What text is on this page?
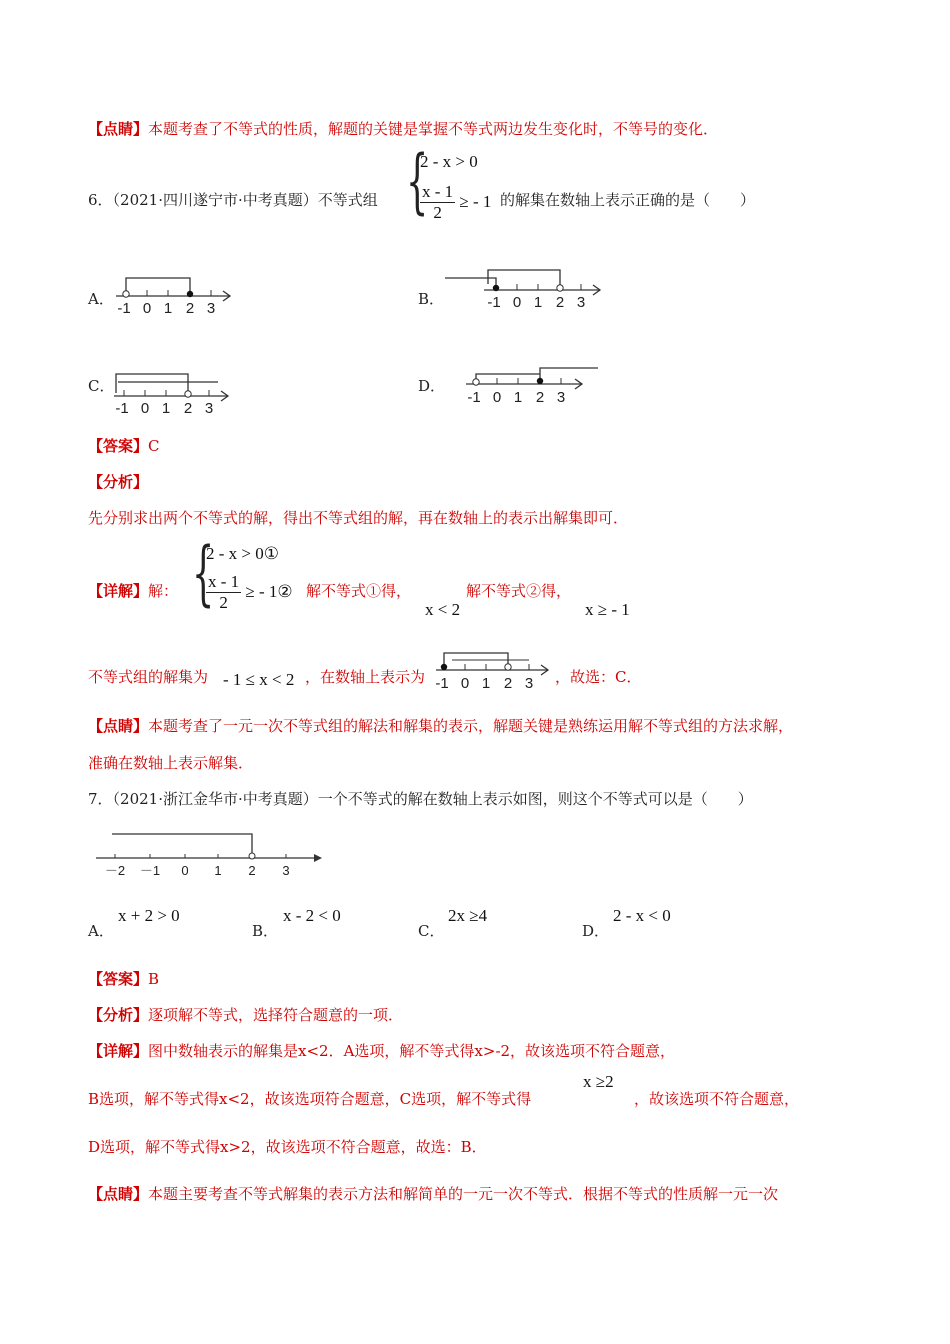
【点睛】本题考查了不等式的性质，解题的关键是掌握不等式两边发生变化时，不等号的变化．
6．（2021·四川遂宁市·中考真题）不等式组 {
2 - x > 0
$\frac{x - 1}{2}$ ≥ - 1 的解集在数轴上表示正确的是（　　）
A．
-1 0 1 2 3
B．	-1 0 1 2 3
C．
-1 0 1 2 3
D．
-1 0 1 2 3
【答案】C
【分析】
先分别求出两个不等式的解，得出不等式组的解，再在数轴上的表示出解集即可．
【详解】解： {
2 - x > 0①
$\frac{x - 1}{2}$ ≥ - 1② 解不等式①得，
x < 2
解不等式②得，
x ≥ - 1
不等式组的解集为 - 1 ≤ x < 2 ，在数轴上表示为 -1 0 1 2 3 ，故选：C．
【点睛】本题考查了一元一次不等式组的解法和解集的表示，解题关键是熟练运用解不等式组的方法求解，
准确在数轴上表示解集．
7．（2021·浙江金华市·中考真题）一个不等式的解在数轴上表示如图，则这个不等式可以是（　　）
－2 －1 0 1 2 3
A．
x + 2 > 0
B．
x - 2 < 0
C．
2x ≥4
D．
2 - x < 0
【答案】B
【分析】逐项解不等式，选择符合题意的一项．
【详解】图中数轴表示的解集是x<2．A选项，解不等式得x>-2，故该选项不符合题意，
B选项，解不等式得x<2，故该选项符合题意，C选项，解不等式得
x ≥2
，故该选项不符合题意，
D选项，解不等式得x>2，故该选项不符合题意，故选：B．
【点睛】本题主要考查不等式解集的表示方法和解简单的一元一次不等式．根据不等式的性质解一元一次
